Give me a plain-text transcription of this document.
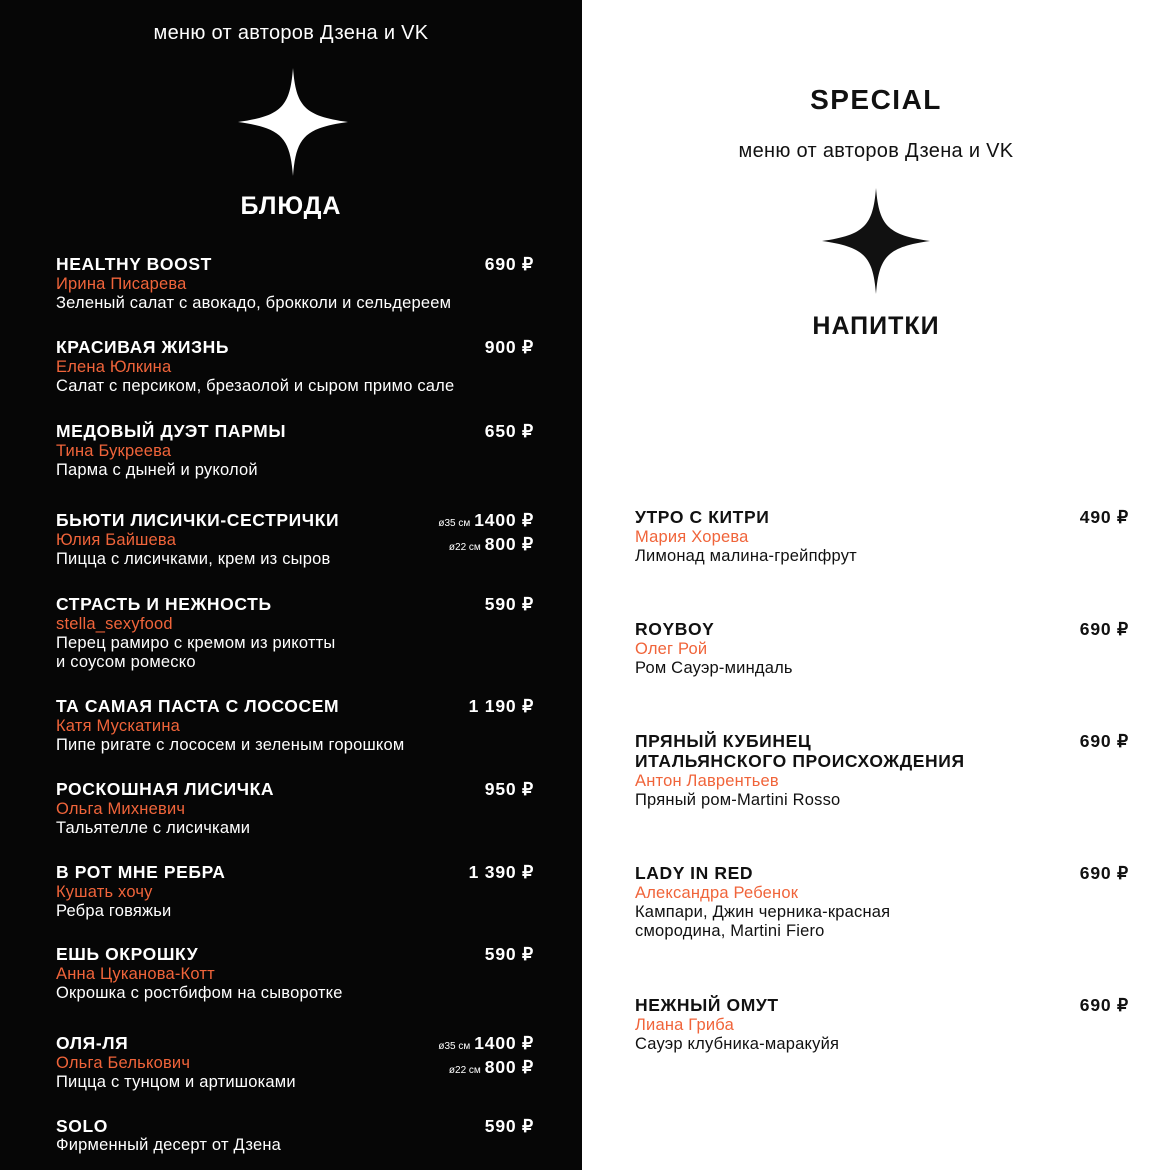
меню от авторов Дзена и VK
БЛЮДА
HEALTHY BOOST
Ирина Писарева
Зеленый салат с авокадо, брокколи и сельдереем
690 ₽
КРАСИВАЯ ЖИЗНЬ
Елена Юлкина
Салат с персиком, брезаолой и сыром примо сале
900 ₽
МЕДОВЫЙ ДУЭТ ПАРМЫ
Тина Букреева
Парма с дыней и руколой
650 ₽
БЬЮТИ ЛИСИЧКИ-СЕСТРИЧКИ
Юлия Байшева
Пицца с лисичками, крем из сыров
ø35 см 1400 ₽
ø22 см 800 ₽
СТРАСТЬ И НЕЖНОСТЬ
stella_sexyfood
Перец рамиро с кремом из рикотты
и соусом ромеско
590 ₽
ТА САМАЯ ПАСТА С ЛОСОСЕМ
Катя Мускатина
Пипе ригате с лососем и зеленым горошком
1 190 ₽
РОСКОШНАЯ ЛИСИЧКА
Ольга Михневич
Тальятелле с лисичками
950 ₽
В РОТ МНЕ РЕБРА
Кушать хочу
Ребра говяжьи
1 390 ₽
ЕШЬ ОКРОШКУ
Анна Цуканова-Котт
Окрошка с ростбифом на сыворотке
590 ₽
ОЛЯ-ЛЯ
Ольга Белькович
Пицца с тунцом и артишоками
ø35 см 1400 ₽
ø22 см 800 ₽
SOLO
Фирменный десерт от Дзена
590 ₽
SPECIAL
меню от авторов Дзена и VK
НАПИТКИ
УТРО С КИТРИ
Мария Хорева
Лимонад малина-грейпфрут
490 ₽
ROYBOY
Олег Рой
Ром Сауэр-миндаль
690 ₽
ПРЯНЫЙ КУБИНЕЦ
ИТАЛЬЯНСКОГО ПРОИСХОЖДЕНИЯ
Антон Лаврентьев
Пряный ром-Martini Rosso
690 ₽
LADY IN RED
Александра Ребенок
Кампари, Джин черника-красная
смородина, Martini Fiero
690 ₽
НЕЖНЫЙ ОМУТ
Лиана Гриба
Сауэр клубника-маракуйя
690 ₽
